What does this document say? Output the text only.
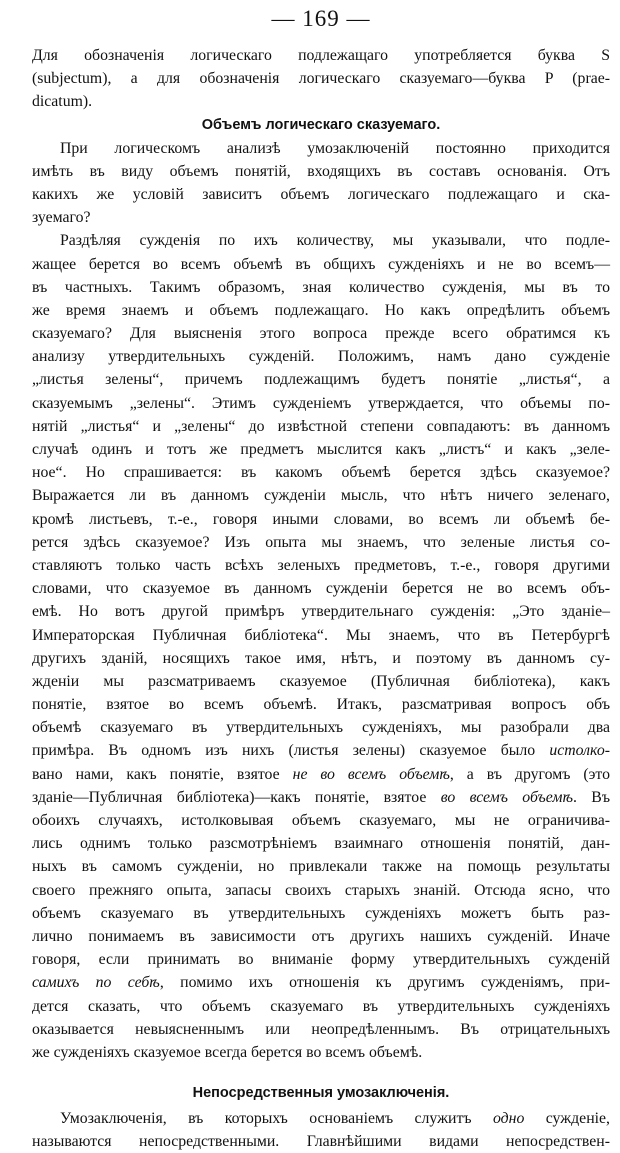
— 169 —
Для обозначенія логическаго подлежащаго употребляется буква S
(subjectum), а для обозначенія логическаго сказуемаго—буква P (prae-
dicatum).
Объемъ логическаго сказуемаго.
При логическомъ анализѣ умозаключеній постоянно приходится
имѣть въ виду объемъ понятій, входящихъ въ составъ основанія. Отъ
какихъ же условій зависитъ объемъ логическаго подлежащаго и ска-
зуемаго?
Раздѣляя сужденія по ихъ количеству, мы указывали, что подле-
жащее берется во всемъ объемѣ въ общихъ сужденіяхъ и не во всемъ—
въ частныхъ. Такимъ образомъ, зная количество сужденія, мы въ то
же время знаемъ и объемъ подлежащаго. Но какъ опредѣлить объемъ
сказуемаго? Для выясненія этого вопроса прежде всего обратимся къ
анализу утвердительныхъ сужденій. Положимъ, намъ дано сужденіе
„листья зелены“, причемъ подлежащимъ будетъ понятіе „листья“, а
сказуемымъ „зелены“. Этимъ сужденіемъ утверждается, что объемы по-
нятій „листья“ и „зелены“ до извѣстной степени совпадаютъ: въ данномъ
случаѣ одинъ и тотъ же предметъ мыслится какъ „листъ“ и какъ „зеле-
ное“. Но спрашивается: въ какомъ объемѣ берется здѣсь сказуемое?
Выражается ли въ данномъ сужденіи мысль, что нѣтъ ничего зеленаго,
кромѣ листьевъ, т.-е., говоря иными словами, во всемъ ли объемѣ бе-
рется здѣсь сказуемое? Изъ опыта мы знаемъ, что зеленые листья со-
ставляютъ только часть всѣхъ зеленыхъ предметовъ, т.-е., говоря другими
словами, что сказуемое въ данномъ сужденіи берется не во всемъ объ-
емѣ. Но вотъ другой примѣръ утвердительнаго сужденія: „Это зданіе–
Императорская Публичная библіотека“. Мы знаемъ, что въ Петербургѣ
другихъ зданій, носящихъ такое имя, нѣтъ, и поэтому въ данномъ су-
жденіи мы разсматриваемъ сказуемое (Публичная библіотека), какъ
понятіе, взятое во всемъ объемѣ. Итакъ, разсматривая вопросъ объ
объемѣ сказуемаго въ утвердительныхъ сужденіяхъ, мы разобрали два
примѣра. Въ одномъ изъ нихъ (листья зелены) сказуемое было истолко-
вано нами, какъ понятіе, взятое не во всемъ объемѣ, а въ другомъ (это
зданіе—Публичная библіотека)—какъ понятіе, взятое во всемъ объемѣ. Въ
обоихъ случаяхъ, истолковывая объемъ сказуемаго, мы не ограничива-
лись однимъ только разсмотрѣніемъ взаимнаго отношенія понятій, дан-
ныхъ въ самомъ сужденіи, но привлекали также на помощь результаты
своего прежняго опыта, запасы своихъ старыхъ знаній. Отсюда ясно, что
объемъ сказуемаго въ утвердительныхъ сужденіяхъ можетъ быть раз-
лично понимаемъ въ зависимости отъ другихъ нашихъ сужденій. Иначе
говоря, если принимать во вниманіе форму утвердительныхъ сужденій
самихъ по себѣ, помимо ихъ отношенія къ другимъ сужденіямъ, при-
дется сказать, что объемъ сказуемаго въ утвердительныхъ сужденіяхъ
оказывается невыясненнымъ или неопредѣленнымъ. Въ отрицательныхъ
же сужденіяхъ сказуемое всегда берется во всемъ объемѣ.
Непосредственныя умозаключенія.
Умозаключенія, въ которыхъ основаніемъ служитъ одно сужденіе,
называются непосредственными. Главнѣйшими видами непосредствен-
